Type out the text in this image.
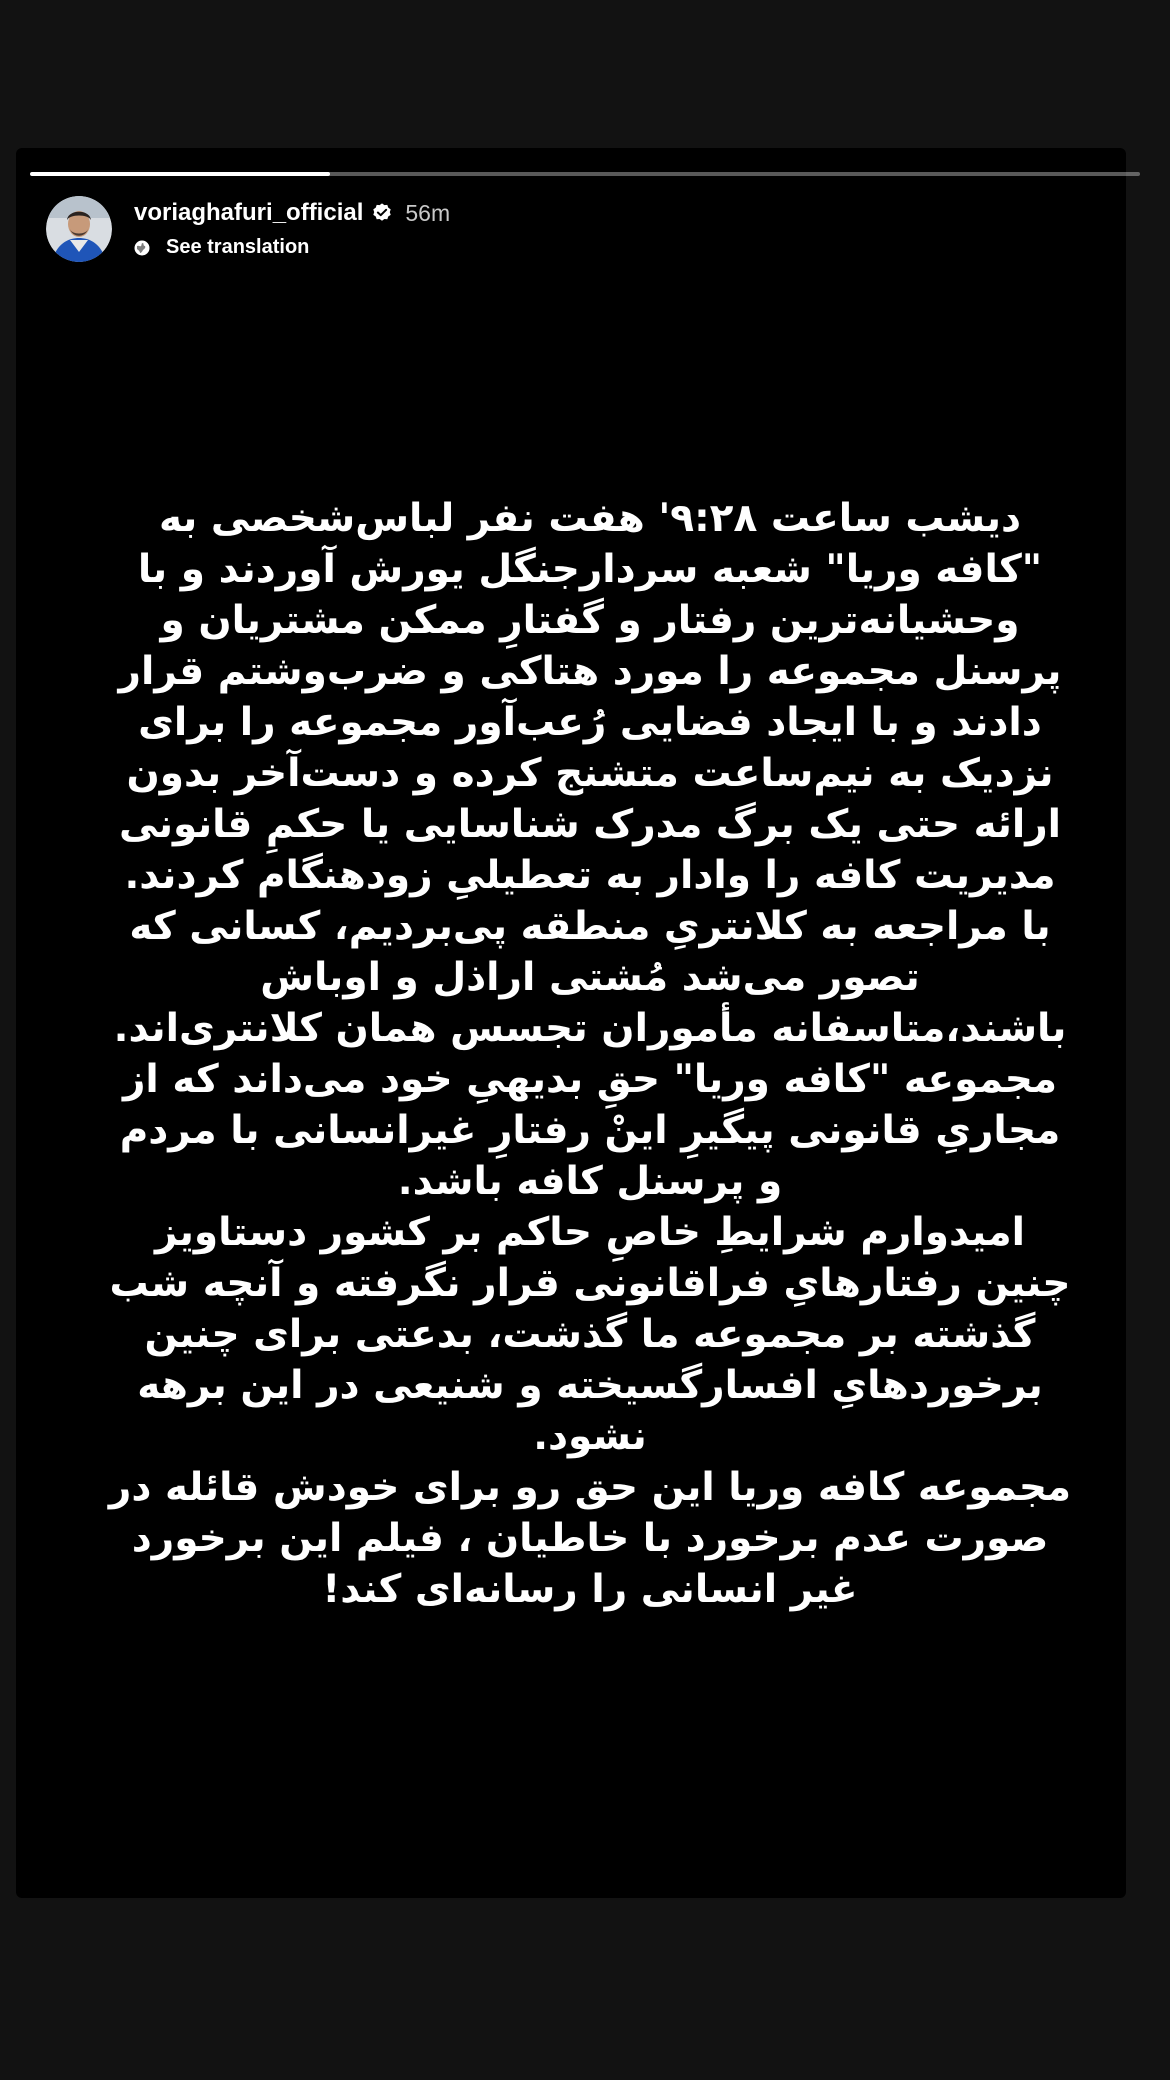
voriaghafuri_official 56m
See translation

دیشب ساعت ۹:۲۸' هفت نفر لباس‌شخصی به "کافه وریا" شعبه سردارجنگل یورش آوردند و با وحشیانه‌ترین رفتار و گفتارِ ممکن مشتریان و پرسنل مجموعه را مورد هتاکی و ضرب‌وشتم قرار دادند و با ایجاد فضایی رُعب‌آور مجموعه را برای نزدیک به نیم‌ساعت متشنج کرده و دست‌آخر بدون ارائه حتی یک برگ مدرک شناسایی یا حکمِ قانونی مدیریت کافه را وادار به تعطیلیِ زودهنگام کردند.

با مراجعه به کلانتریِ منطقه پی‌بردیم، کسانی که تصور می‌شد مُشتی اراذل و اوباش باشند،متاسفانه مأموران تجسس همان کلانتری‌اند.

مجموعه "کافه وریا" حقِ بدیهیِ خود می‌داند که از مجاریِ قانونی پیگیرِ اینْ رفتارِ غیرانسانی با مردم و پرسنل کافه باشد.

امیدوارم شرایطِ خاصِ حاکم بر کشور دستاویز چنین رفتارهایِ فراقانونی قرار نگرفته و آنچه شب گذشته بر مجموعه ما گذشت، بدعتی برای چنین برخوردهایِ افسارگسیخته و شنیعی در این برهه نشود.

مجموعه کافه وریا این حق رو برای خودش قائله در صورت عدم برخورد با خاطیان ، فیلم این برخورد غیر انسانی را رسانه‌ای کند!
